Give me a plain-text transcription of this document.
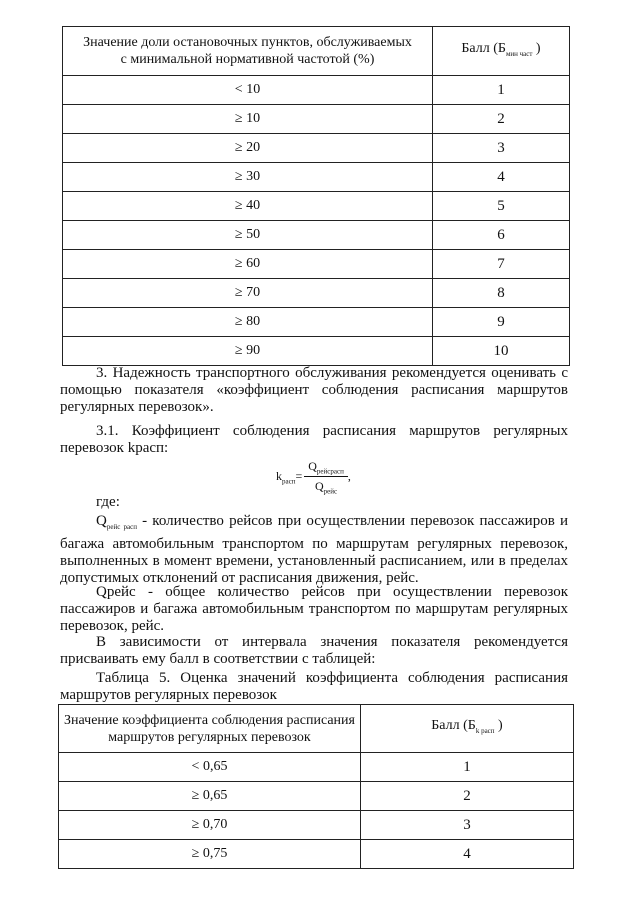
Значение доли остановочных пунктов, обслуживаемых
с минимальной нормативной частотой (%)	Балл ($Б_{мин част}$ )
< 10	1
≥ 10	2
≥ 20	3
≥ 30	4
≥ 40	5
≥ 50	6
≥ 60	7
≥ 70	8
≥ 80	9
≥ 90	10
3. Надежность транспортного обслуживания рекомендуется оценивать с помощью показателя «коэффициент соблюдения расписания маршрутов регулярных перевозок».
3.1. Коэффициент соблюдения расписания маршрутов регулярных перевозок kрасп:
$k_{расп}= \frac{Q_{рейсрасп}}{Q_{рейс}}$ ,
где:
$Q_{рейс расп}$ - количество рейсов при осуществлении перевозок пассажиров и багажа автомобильным транспортом по маршрутам регулярных перевозок, выполненных в момент времени, установленный расписанием, или в пределах допустимых отклонений от расписания движения, рейс.
Qрейс - общее количество рейсов при осуществлении перевозок пассажиров и багажа автомобильным транспортом по маршрутам регулярных перевозок, рейс.
В зависимости от интервала значения показателя рекомендуется присваивать ему балл в соответствии с таблицей:
Таблица 5. Оценка значений коэффициента соблюдения расписания маршрутов регулярных перевозок
Значение коэффициента соблюдения расписания
маршрутов регулярных перевозок	Балл ($Б_{k расп}$ )
< 0,65	1
≥ 0,65	2
≥ 0,70	3
≥ 0,75	4
